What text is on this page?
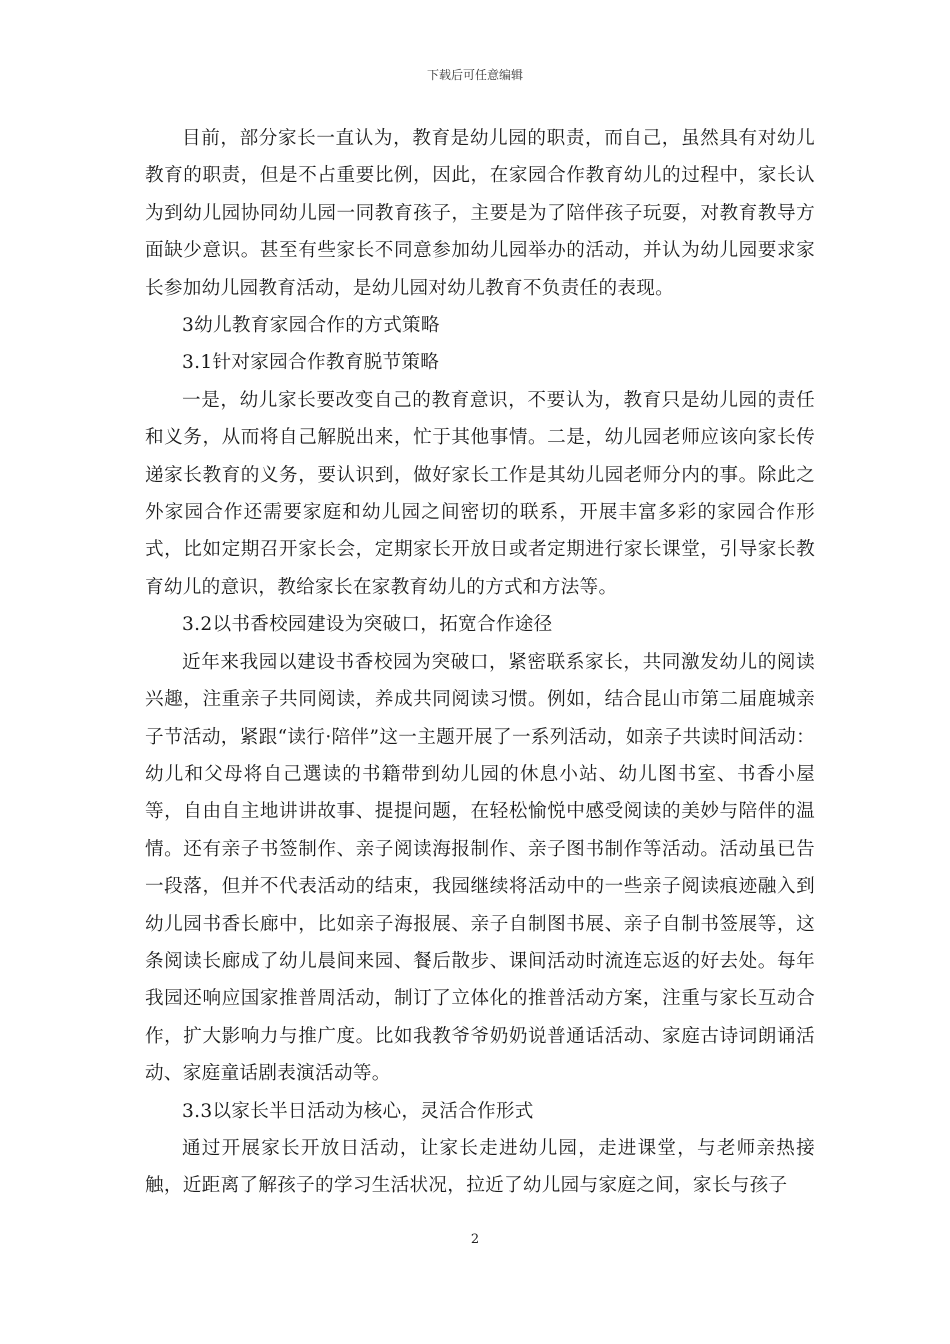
下载后可任意编辑

目前，部分家长一直认为，教育是幼儿园的职责，而自己，虽然具有对幼儿教育的职责，但是不占重要比例，因此，在家园合作教育幼儿的过程中，家长认为到幼儿园协同幼儿园一同教育孩子，主要是为了陪伴孩子玩耍，对教育教导方面缺少意识。甚至有些家长不同意参加幼儿园举办的活动，并认为幼儿园要求家长参加幼儿园教育活动，是幼儿园对幼儿教育不负责任的表现。

3幼儿教育家园合作的方式策略

3.1针对家园合作教育脱节策略

一是，幼儿家长要改变自己的教育意识，不要认为，教育只是幼儿园的责任和义务，从而将自己解脱出来，忙于其他事情。二是，幼儿园老师应该向家长传递家长教育的义务，要认识到，做好家长工作是其幼儿园老师分内的事。除此之外家园合作还需要家庭和幼儿园之间密切的联系，开展丰富多彩的家园合作形式，比如定期召开家长会，定期家长开放日或者定期进行家长课堂，引导家长教育幼儿的意识，教给家长在家教育幼儿的方式和方法等。

3.2以书香校园建设为突破口，拓宽合作途径

近年来我园以建设书香校园为突破口，紧密联系家长，共同激发幼儿的阅读兴趣，注重亲子共同阅读，养成共同阅读习惯。例如，结合昆山市第二届鹿城亲子节活动，紧跟“读行·陪伴”这一主题开展了一系列活动，如亲子共读时间活动：幼儿和父母将自己選读的书籍带到幼儿园的休息小站、幼儿图书室、书香小屋等，自由自主地讲讲故事、提提问题，在轻松愉悦中感受阅读的美妙与陪伴的温情。还有亲子书签制作、亲子阅读海报制作、亲子图书制作等活动。活动虽已告一段落，但并不代表活动的结束，我园继续将活动中的一些亲子阅读痕迹融入到幼儿园书香长廊中，比如亲子海报展、亲子自制图书展、亲子自制书签展等，这条阅读长廊成了幼儿晨间来园、餐后散步、课间活动时流连忘返的好去处。每年我园还响应国家推普周活动，制订了立体化的推普活动方案，注重与家长互动合作，扩大影响力与推广度。比如我教爷爷奶奶说普通话活动、家庭古诗词朗诵活动、家庭童话剧表演活动等。

3.3以家长半日活动为核心，灵活合作形式

通过开展家长开放日活动，让家长走进幼儿园，走进课堂，与老师亲热接触，近距离了解孩子的学习生活状况，拉近了幼儿园与家庭之间，家长与孩子

2
